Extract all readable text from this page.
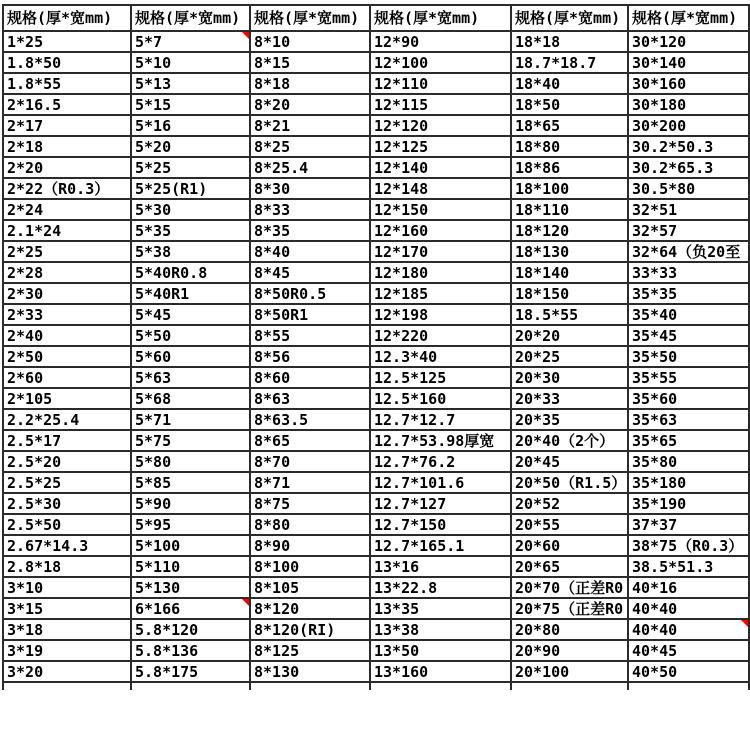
规格(厚*宽mm)	规格(厚*宽mm)	规格(厚*宽mm)	规格(厚*宽mm)	规格(厚*宽mm)	规格(厚*宽mm)

1*25	5*7	8*10	12*90	18*18	30*120

1.8*50	5*10	8*15	12*100	18.7*18.7	30*140

1.8*55	5*13	8*18	12*110	18*40	30*160

2*16.5	5*15	8*20	12*115	18*50	30*180

2*17	5*16	8*21	12*120	18*65	30*200

2*18	5*20	8*25	12*125	18*80	30.2*50.3

2*20	5*25	8*25.4	12*140	18*86	30.2*65.3

2*22（R0.3）	5*25(R1)	8*30	12*148	18*100	30.5*80

2*24	5*30	8*33	12*150	18*110	32*51

2.1*24	5*35	8*35	12*160	18*120	32*57

2*25	5*38	8*40	12*170	18*130	32*64（负20至

2*28	5*40R0.8	8*45	12*180	18*140	33*33

2*30	5*40R1	8*50R0.5	12*185	18*150	35*35

2*33	5*45	8*50R1	12*198	18.5*55	35*40

2*40	5*50	8*55	12*220	20*20	35*45

2*50	5*60	8*56	12.3*40	20*25	35*50

2*60	5*63	8*60	12.5*125	20*30	35*55

2*105	5*68	8*63	12.5*160	20*33	35*60

2.2*25.4	5*71	8*63.5	12.7*12.7	20*35	35*63

2.5*17	5*75	8*65	12.7*53.98厚宽	20*40（2个）	35*65

2.5*20	5*80	8*70	12.7*76.2	20*45	35*80

2.5*25	5*85	8*71	12.7*101.6	20*50（R1.5）	35*180

2.5*30	5*90	8*75	12.7*127	20*52	35*190

2.5*50	5*95	8*80	12.7*150	20*55	37*37

2.67*14.3	5*100	8*90	12.7*165.1	20*60	38*75（R0.3）

2.8*18	5*110	8*100	13*16	20*65	38.5*51.3

3*10	5*130	8*105	13*22.8	20*70（正差R0	40*16

3*15	6*166	8*120	13*35	20*75（正差R0	40*40

3*18	5.8*120	8*120(RI)	13*38	20*80	40*40

3*19	5.8*136	8*125	13*50	20*90	40*45

3*20	5.8*175	8*130	13*160	20*100	40*50
